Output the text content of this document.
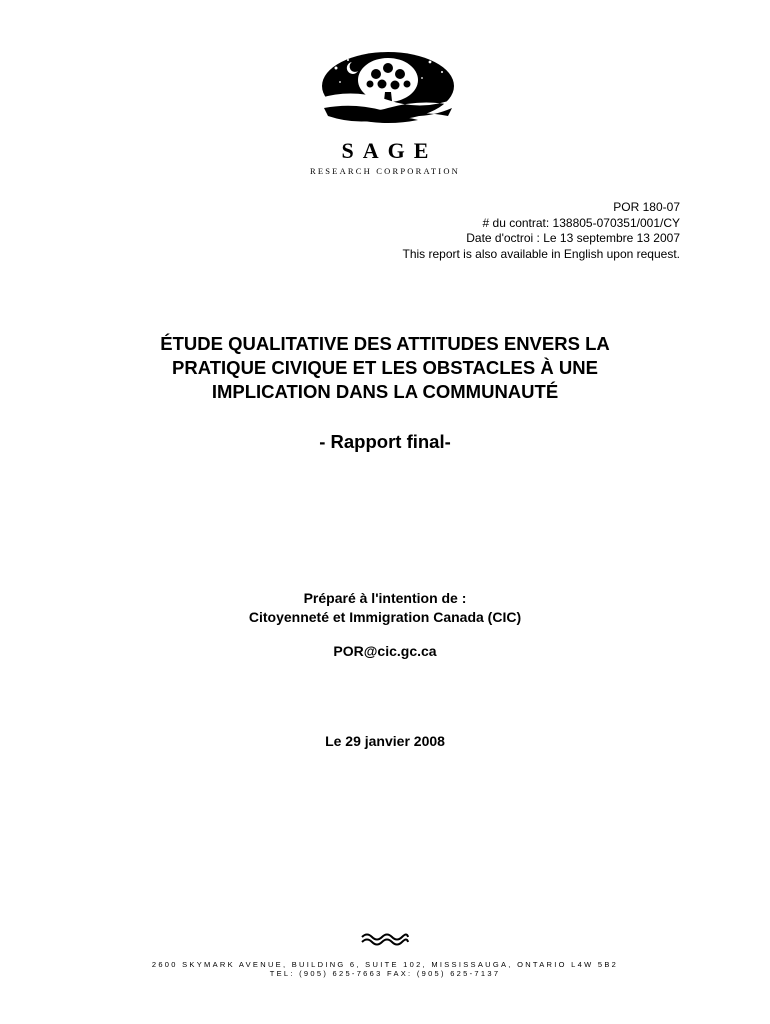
SAGE
RESEARCH CORPORATION
POR 180-07
# du contrat: 138805-070351/001/CY
Date d'octroi : Le 13 septembre 13 2007
This report is also available in English upon request.
ÉTUDE QUALITATIVE DES ATTITUDES ENVERS LA
PRATIQUE CIVIQUE ET LES OBSTACLES À UNE
IMPLICATION DANS LA COMMUNAUTÉ
- Rapport final-
Préparé à l'intention de :
Citoyenneté et Immigration Canada (CIC)
POR@cic.gc.ca
Le 29 janvier 2008
2600 SKYMARK AVENUE, BUILDING 6, SUITE 102, MISSISSAUGA, ONTARIO L4W 5B2
TEL: (905) 625-7663 FAX: (905) 625-7137
